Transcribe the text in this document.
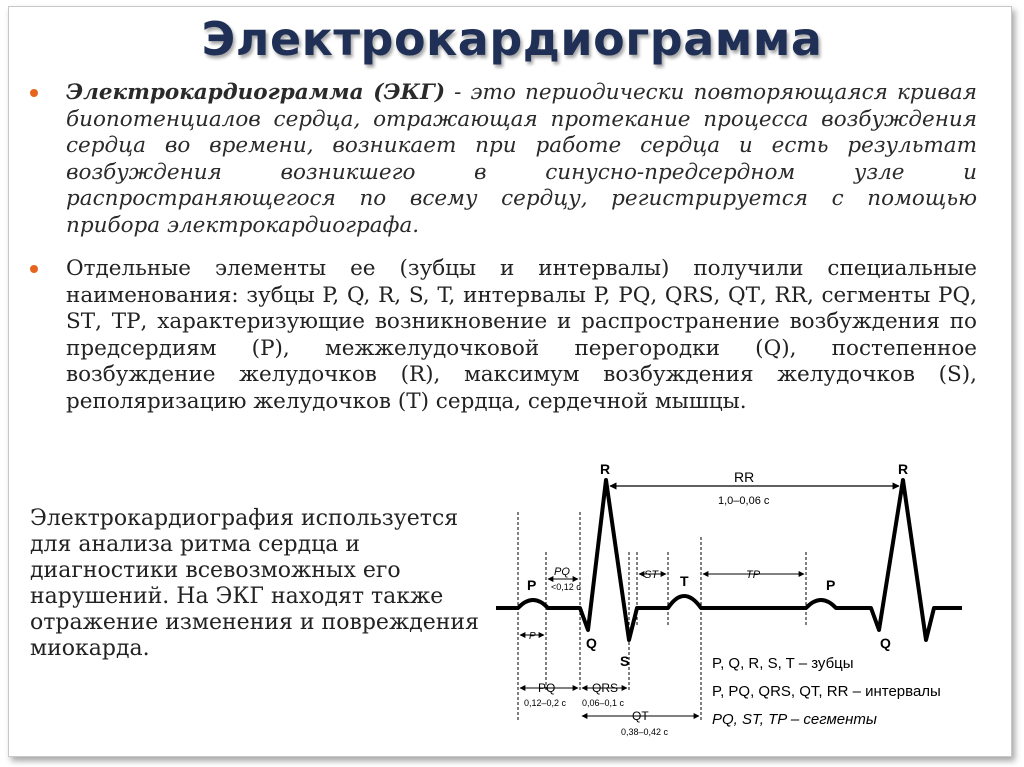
Электрокардиограмма
Электрокардиограмма (ЭКГ) - это периодически повторяющаяся кривая биопотенциалов сердца, отражающая протекание процесса возбуждения сердца во времени, возникает при работе сердца и есть результат возбуждения возникшего в синусно-предсердном узле и распространяющегося по всему сердцу, регистрируется с помощью прибора электрокардиографа.
Отдельные элементы ее (зубцы и интервалы) получили специальные наименования: зубцы P, Q, R, S, T, интервалы P, PQ, QRS, QT, RR, сегменты PQ, ST, TP, характеризующие возникновение и распространение возбуждения по предсердиям (P), межжелудочковой перегородки (Q), постепенное возбуждение желудочков (R), максимум возбуждения желудочков (S), реполяризацию желудочков (T) сердца, сердечной мышцы.
Электрокардиография используется для анализа ритма сердца и диагностики всевозможных его нарушений. На ЭКГ находят также отражение изменения и повреждения миокарда.
R	R
RR
1,0–0,06 с
P	P
PQ
<0,12 с
ST T	TP
Q	Q
S
P
PQ
0,12–0,2 с
QRS
0,06–0,1 с
QT
0,38–0,42 с
P, Q, R, S, T – зубцы
P, PQ, QRS, QT, RR – интервалы
PQ, ST, TP – сегменты
